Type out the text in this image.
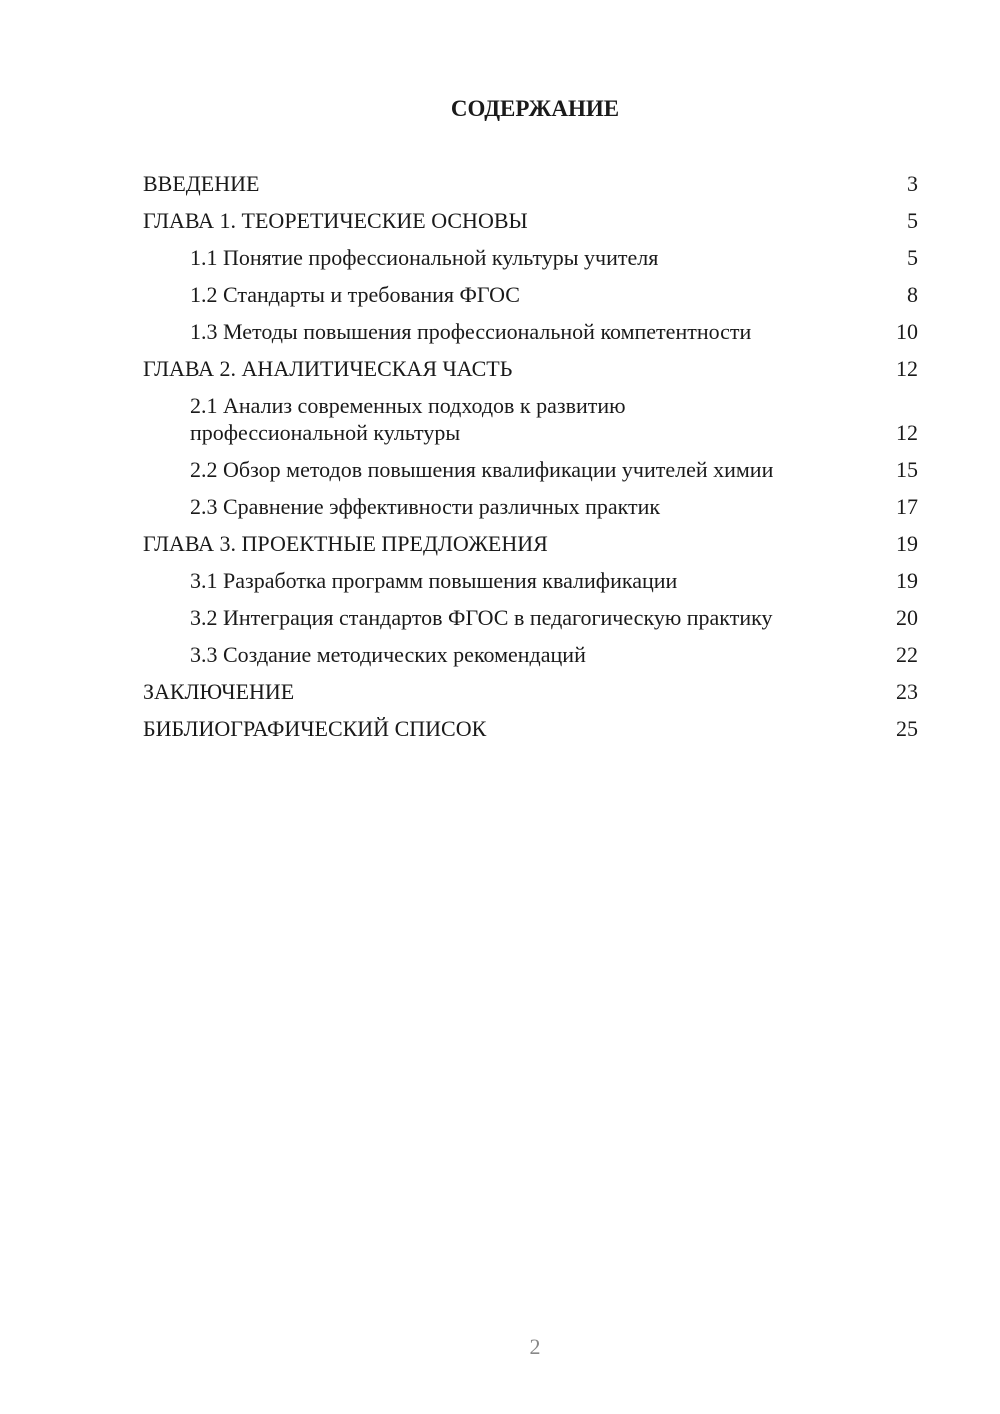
СОДЕРЖАНИЕ
ВВЕДЕНИЕ	3
ГЛАВА 1. ТЕОРЕТИЧЕСКИЕ ОСНОВЫ	5
1.1 Понятие профессиональной культуры учителя	5
1.2 Стандарты и требования ФГОС	8
1.3 Методы повышения профессиональной компетентности	10
ГЛАВА 2. АНАЛИТИЧЕСКАЯ ЧАСТЬ	12
2.1 Анализ современных подходов к развитию профессиональной культуры	12
2.2 Обзор методов повышения квалификации учителей химии	15
2.3 Сравнение эффективности различных практик	17
ГЛАВА 3. ПРОЕКТНЫЕ ПРЕДЛОЖЕНИЯ	19
3.1 Разработка программ повышения квалификации	19
3.2 Интеграция стандартов ФГОС в педагогическую практику	20
3.3 Создание методических рекомендаций	22
ЗАКЛЮЧЕНИЕ	23
БИБЛИОГРАФИЧЕСКИЙ СПИСОК	25
2
